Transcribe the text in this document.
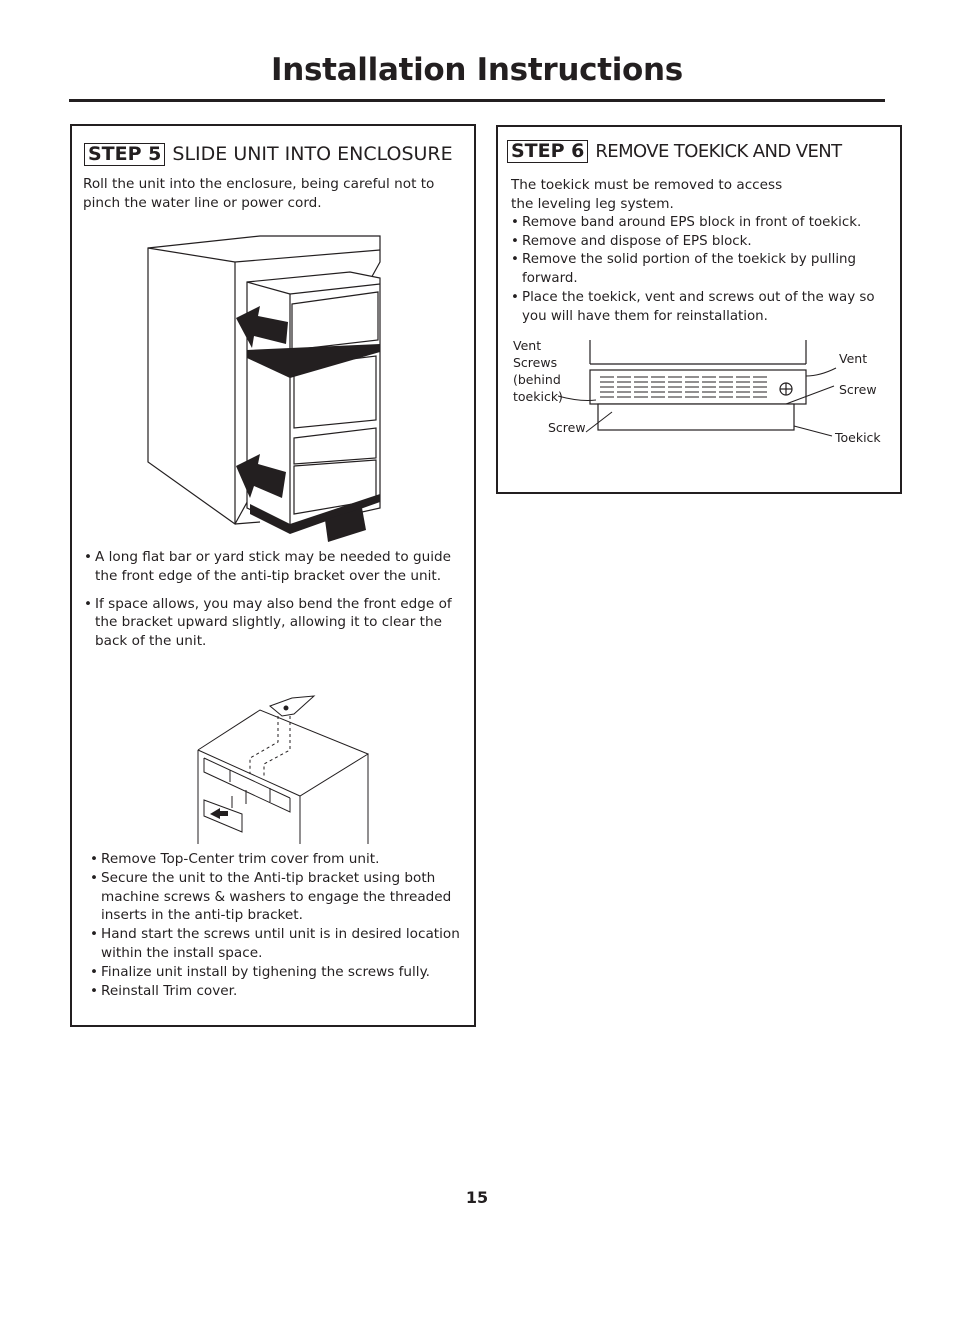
Installation Instructions
STEP 5 SLIDE UNIT INTO ENCLOSURE
Roll the unit into the enclosure, being careful not to pinch the water line or power cord.
• A long flat bar or yard stick may be needed to guide the front edge of the anti-tip bracket over the unit.
• If space allows, you may also bend the front edge of the bracket upward slightly, allowing it to clear the back of the unit.
• Remove Top-Center trim cover from unit.
• Secure the unit to the Anti-tip bracket using both machine screws & washers to engage the threaded inserts in the anti-tip bracket.
• Hand start the screws until unit is in desired location within the install space.
• Finalize unit install by tighening the screws fully.
• Reinstall Trim cover.
STEP 6 REMOVE TOEKICK AND VENT
The toekick must be removed to access the leveling leg system.
• Remove band around EPS block in front of toekick.
• Remove and dispose of EPS block.
• Remove the solid portion of the toekick by pulling forward.
• Place the toekick, vent and screws out of the way so you will have them for reinstallation.
Vent Screws (behind toekick)
Screw
Vent
Screw
Toekick
15
